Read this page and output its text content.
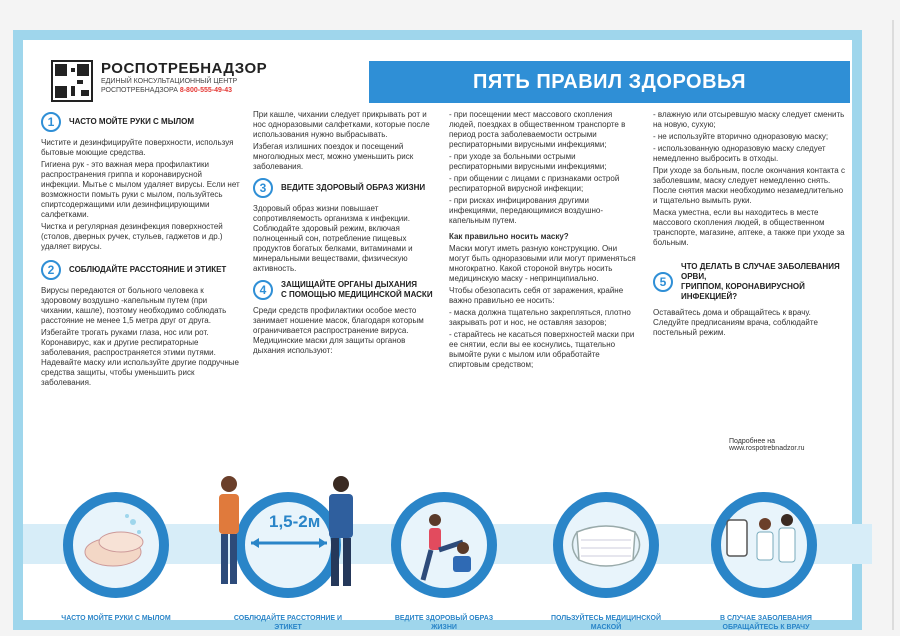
РОСПОТРЕБНАДЗОР
ЕДИНЫЙ КОНСУЛЬТАЦИОННЫЙ ЦЕНТР
РОСПОТРЕБНАДЗОРА 8-800-555-49-43	ПЯТЬ ПРАВИЛ ЗДОРОВЬЯ
1	ЧАСТО МОЙТЕ РУКИ С МЫЛОМ

Чистите и дезинфицируйте поверхности, используя бытовые моющие средства.

Гигиена рук - это важная мера профилактики распространения гриппа и коронавирусной инфекции. Мытье с мылом удаляет вирусы. Если нет возможности помыть руки с мылом, пользуйтесь спиртсодержащими или дезинфицирующими салфетками.

Чистка и регулярная дезинфекция поверхностей (столов, дверных ручек, стульев, гаджетов и др.) удаляет вирусы.

2	СОБЛЮДАЙТЕ РАССТОЯНИЕ И ЭТИКЕТ

Вирусы передаются от больного человека к здоровому воздушно -капельным путем (при чихании, кашле), поэтому необходимо соблюдать расстояние не менее 1,5 метра друг от друга.

Избегайте трогать руками глаза, нос или рот. Коронавирус, как и другие респираторные заболевания, распространяется этими путями. Надевайте маску или используйте другие подручные средства защиты, чтобы уменьшить риск заболевания.

При кашле, чихании следует прикрывать рот и нос одноразовыми салфетками, которые после использования нужно выбрасывать.

Избегая излишних поездок и посещений многолюдных мест, можно уменьшить риск заболевания.

3	ВЕДИТЕ ЗДОРОВЫЙ ОБРАЗ ЖИЗНИ

Здоровый образ жизни повышает сопротивляемость организма к инфекции. Соблюдайте здоровый режим, включая полноценный сон, потребление пищевых продуктов богатых белками, витаминами и минеральными веществами, физическую активность.

4	ЗАЩИЩАЙТЕ ОРГАНЫ ДЫХАНИЯ
С ПОМОЩЬЮ МЕДИЦИНСКОЙ МАСКИ

Среди средств профилактики особое место занимает ношение масок, благодаря которым ограничивается распространение вируса. Медицинские маски для защиты органов дыхания используют:

- при посещении мест массового скопления людей, поездках в общественном транспорте в период роста заболеваемости острыми респираторными вирусными инфекциями;

- при уходе за больными острыми респираторными вирусными инфекциями;

- при общении с лицами с признаками острой респираторной вирусной инфекции;

- при рисках инфицирования другими инфекциями, передающимися воздушно-капельным путем.

Как правильно носить маску?

Маски могут иметь разную конструкцию. Они могут быть одноразовыми или могут применяться многократно. Какой стороной внутрь носить медицинскую маску - непринципиально.

Чтобы обезопасить себя от заражения, крайне важно правильно ее носить:

- маска должна тщательно закрепляться, плотно закрывать рот и нос, не оставляя зазоров;

- старайтесь не касаться поверхностей маски при ее снятии, если вы ее коснулись, тщательно вымойте руки с мылом или обработайте спиртовым средством;

- влажную или отсыревшую маску следует сменить на новую, сухую;

- не используйте вторично одноразовую маску;

- использованную одноразовую маску следует немедленно выбросить в отходы.

При уходе за больным, после окончания контакта с заболевшим, маску следует немедленно снять. После снятия маски необходимо незамедлительно и тщательно вымыть руки.

Маска уместна, если вы находитесь в месте массового скопления людей, в общественном транспорте, магазине, аптеке, а также при уходе за больным.

5
ЧТО ДЕЛАТЬ В СЛУЧАЕ ЗАБОЛЕВАНИЯ ОРВИ,
ГРИППОМ, КОРОНАВИРУСНОЙ ИНФЕКЦИЕЙ?

Оставайтесь дома и обращайтесь к врачу. Следуйте предписаниям врача, соблюдайте постельный режим.

Подробнее на www.rospotrebnadzor.ru
1,5-2м
ЧАСТО МОЙТЕ РУКИ С МЫЛОМ	СОБЛЮДАЙТЕ РАССТОЯНИЕ И ЭТИКЕТ
ВЕДИТЕ ЗДОРОВЫЙ ОБРАЗ ЖИЗНИ
ПОЛЬЗУЙТЕСЬ МЕДИЦИНСКОЙ МАСКОЙ
В СЛУЧАЕ ЗАБОЛЕВАНИЯ ОБРАЩАЙТЕСЬ К ВРАЧУ
